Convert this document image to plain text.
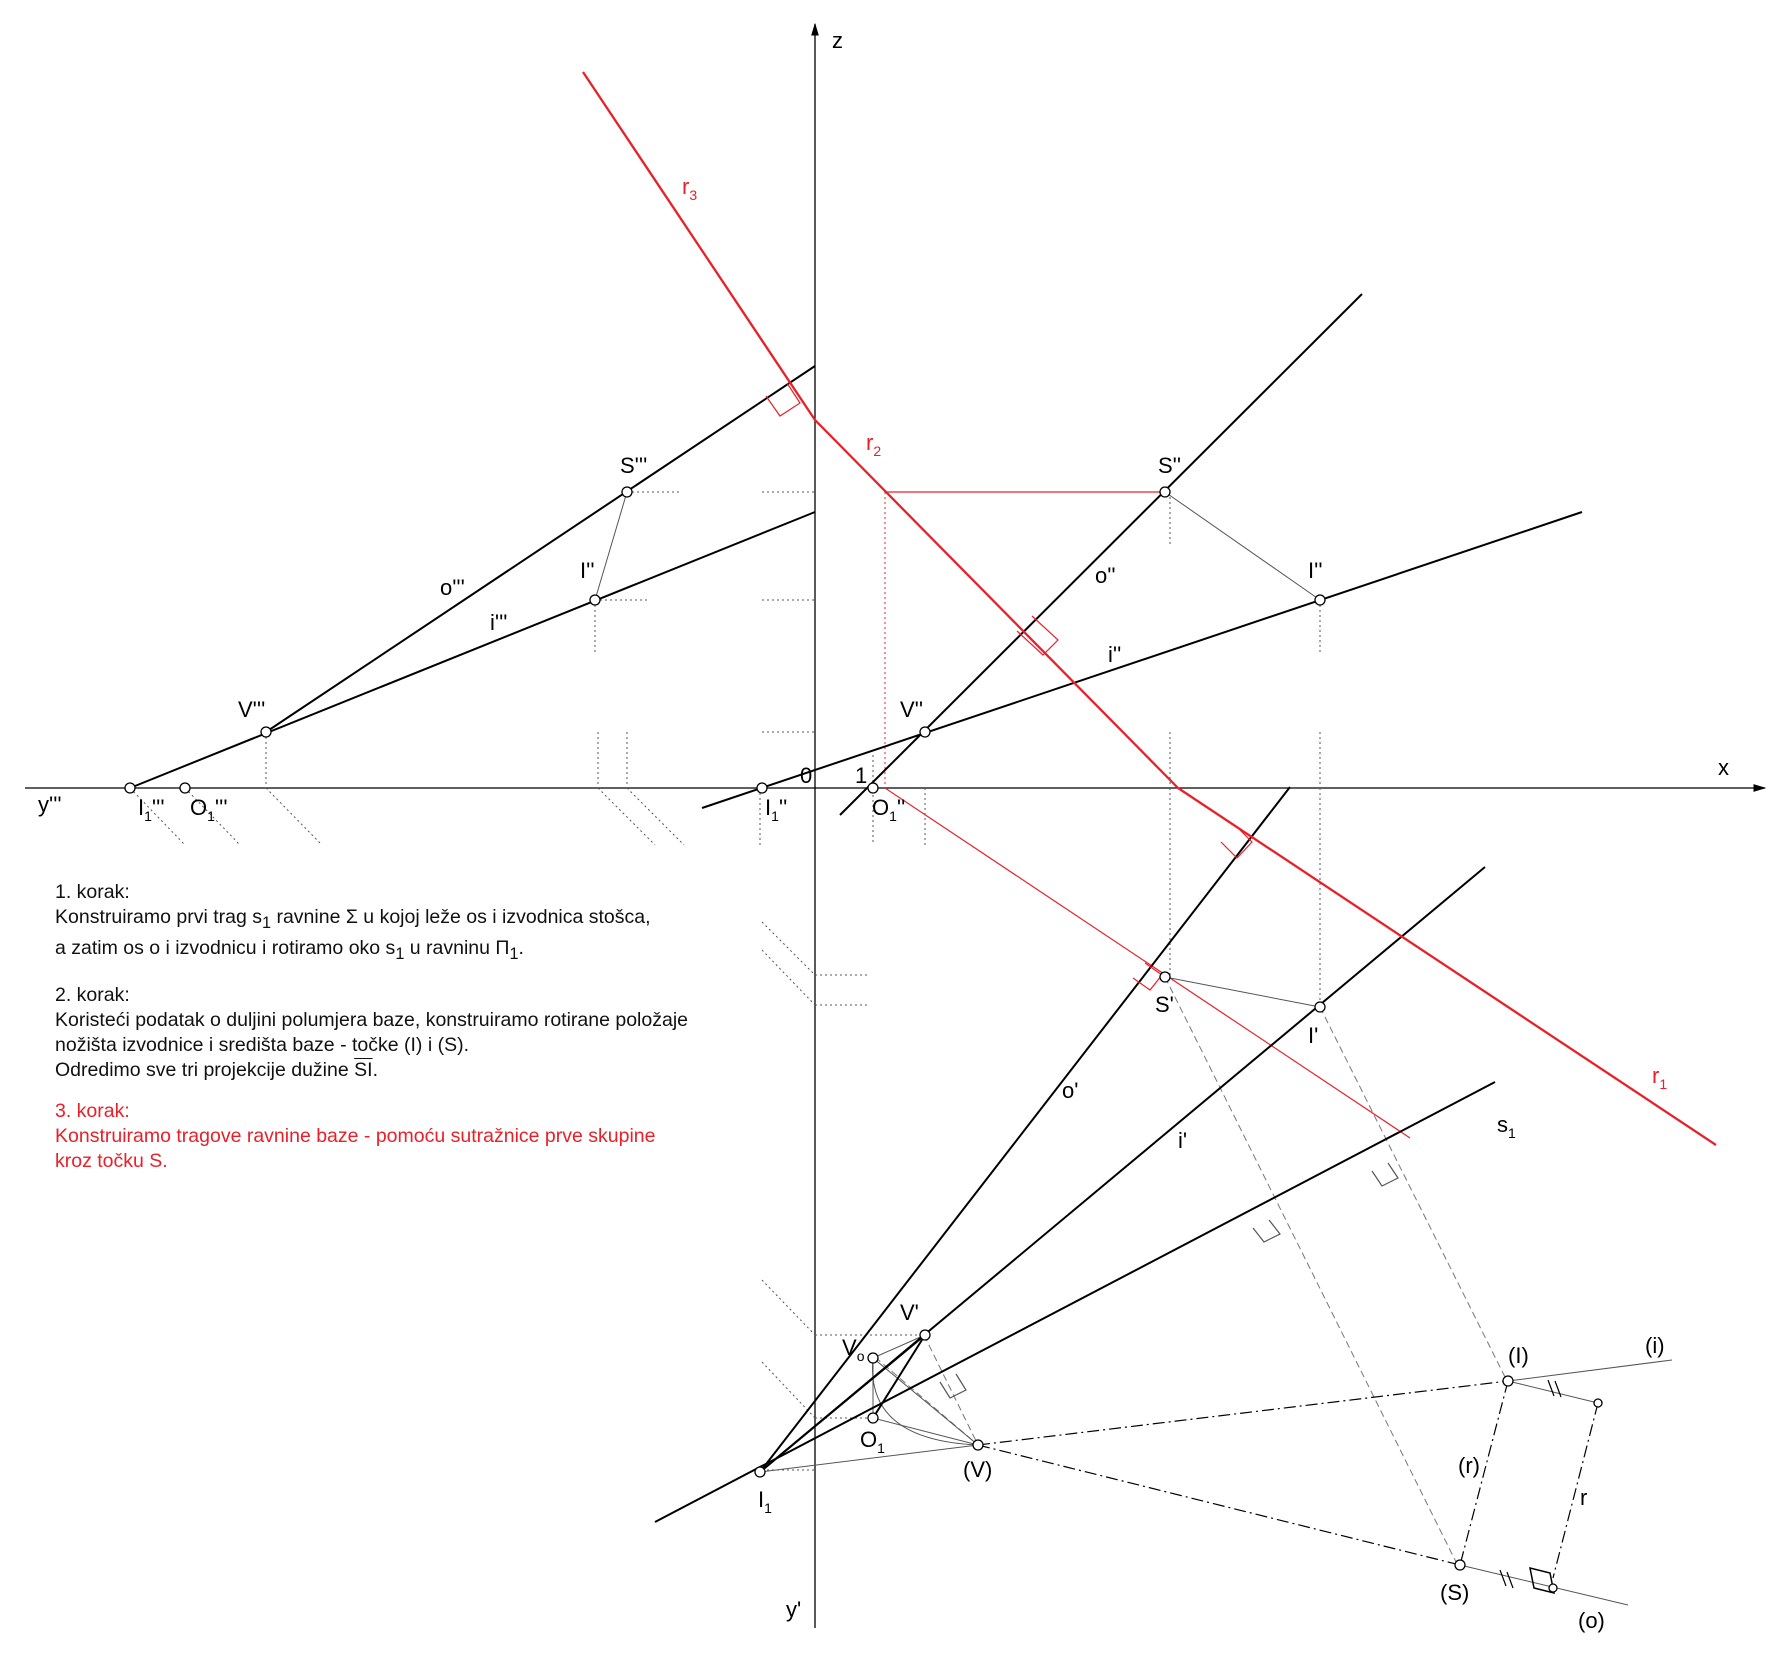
z
x
y'''
y'
0 1
$r_3$
$r_2$
$r_1$
S'''
I''
V'''
o'''
i'''
$I_1'''$ $O_1'''$
S''
I''
V''
o''
i''
$I_1''$	$O_1''$
S'
I'
o'
i'
$s_1$
V'
$V_o$
$O_1$
$I_1$
(V)
(I)	(i)
(r)
r
(S)
(o)

1. korak:
Konstruiramo prvi trag $s_1$ ravnine Σ u kojoj leže os i izvodnica stošca,
a zatim os o i izvodnicu i rotiramo oko $s_1$ u ravninu $\Pi_1$.

2. korak:
Koristeći podatak o duljini polumjera baze, konstruiramo rotirane položaje
nožišta izvodnice i središta baze - točke (I) i (S).
Odredimo sve tri projekcije dužine $\overline{SI}$.

3. korak:
Konstruiramo tragove ravnine baze - pomoću sutražnice prve skupine
kroz točku S.
